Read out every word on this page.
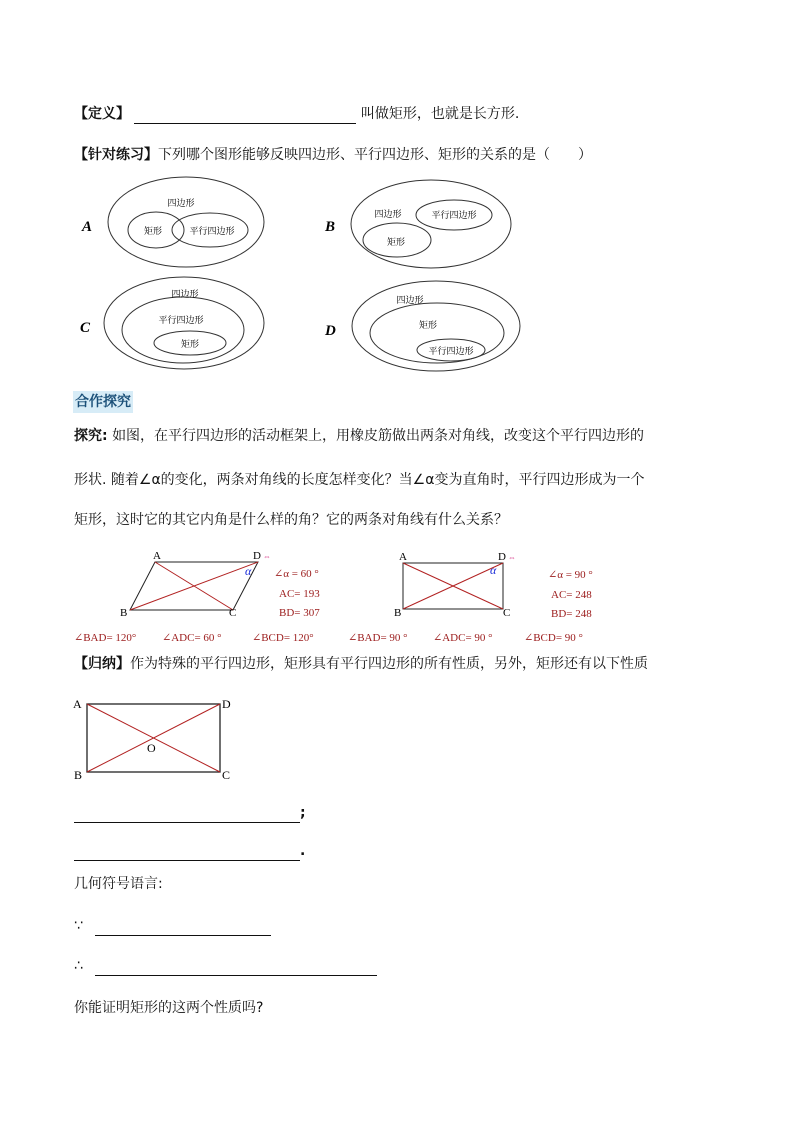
【定义】	叫做矩形，也就是长方形.
【针对练习】下列哪个图形能够反映四边形、平行四边形、矩形的关系的是（　　）
A
四边形
矩形	平行四边形	B
四边形	平行四边形
矩形
C
四边形
平行四边形
矩形
D
四边形
矩形
平行四边形
合作探究
探究: 如图，在平行四边形的活动框架上，用橡皮筋做出两条对角线，改变这个平行四边形的
形状. 随着∠α的变化，两条对角线的长度怎样变化？当∠α变为直角时，平行四边形成为一个
矩形，这时它的其它内角是什么样的角？它的两条对角线有什么关系？
A	D
B	C
α
⇔
∠α = 60 °
AC= 193
BD= 307
A	D
B	C
α
⇔
∠α = 90 °
AC= 248
BD= 248
∠BAD= 120° ∠ADC= 60 °	∠BCD= 120°	∠BAD= 90 ° ∠ADC= 90 °	∠BCD= 90 °
【归纳】作为特殊的平行四边形，矩形具有平行四边形的所有性质，另外，矩形还有以下性质
A	D
B	C
O
;
.
几何符号语言:
∵
∴
你能证明矩形的这两个性质吗?
